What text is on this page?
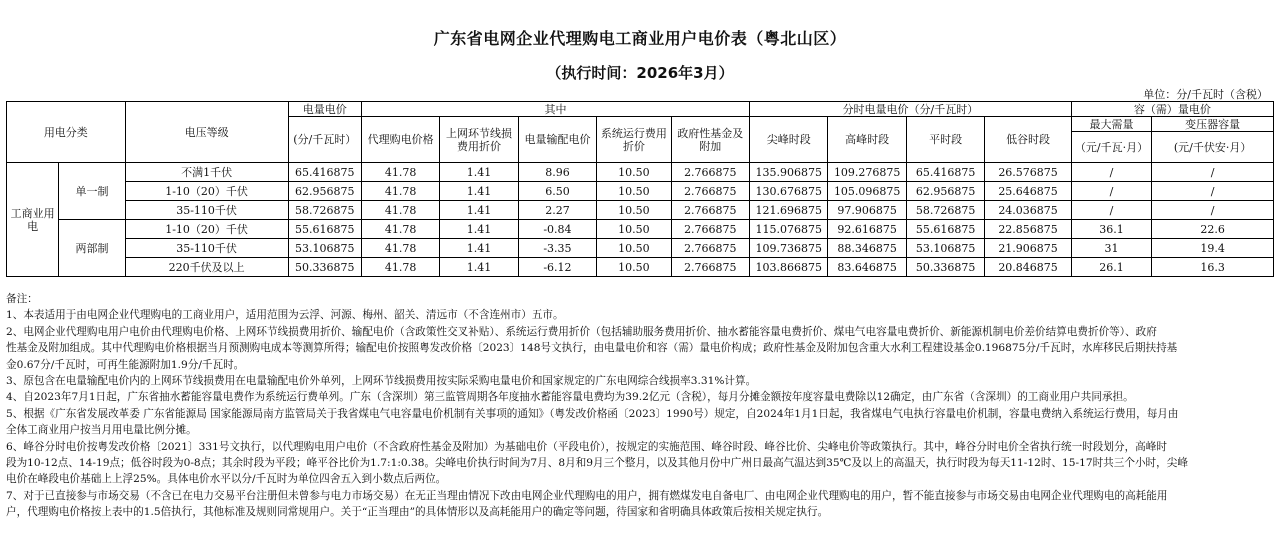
广东省电网企业代理购电工商业用户电价表（粤北山区）
（执行时间：2026年3月）
单位：分/千瓦时（含税）
用电分类		电压等级	电量电价	其中					分时电量电价（分/千瓦时）				容（需）量电价	
			(分/千瓦时）	代理购电价格	上网环节线损费用折价	电量输配电价	系统运行费用折价	政府性基金及附加	尖峰时段	高峰时段	平时段	低谷时段	最大需量	变压器容量
													（元/千瓦·月）	(元/千伏安·月）
工商业用电	单一制	不满1千伏	65.416875	41.78	1.41	8.96	10.50	2.766875	135.906875	109.276875	65.416875	26.576875	/	/
		1-10（20）千伏	62.956875	41.78	1.41	6.50	10.50	2.766875	130.676875	105.096875	62.956875	25.646875	/	/
		35-110千伏	58.726875	41.78	1.41	2.27	10.50	2.766875	121.696875	97.906875	58.726875	24.036875	/	/
	两部制	1-10（20）千伏	55.616875	41.78	1.41	-0.84	10.50	2.766875	115.076875	92.616875	55.616875	22.856875	36.1	22.6
		35-110千伏	53.106875	41.78	1.41	-3.35	10.50	2.766875	109.736875	88.346875	53.106875	21.906875	31	19.4
		220千伏及以上	50.336875	41.78	1.41	-6.12	10.50	2.766875	103.866875	83.646875	50.336875	20.846875	26.1	16.3
备注：
1、本表适用于由电网企业代理购电的工商业用户，适用范围为云浮、河源、梅州、韶关、清远市（不含连州市）五市。
2、电网企业代理购电用户电价由代理购电价格、上网环节线损费用折价、输配电价（含政策性交叉补贴）、系统运行费用折价（包括辅助服务费用折价、抽水蓄能容量电费折价、煤电气电容量电费折价、新能源机制电价差价结算电费折价等）、政府
性基金及附加组成。其中代理购电价格根据当月预测购电成本等测算所得；输配电价按照粤发改价格〔2023〕148号文执行，由电量电价和容（需）量电价构成；政府性基金及附加包含重大水利工程建设基金0.196875分/千瓦时，水库移民后期扶持基
金0.67分/千瓦时，可再生能源附加1.9分/千瓦时。
3、原包含在电量输配电价内的上网环节线损费用在电量输配电价外单列，上网环节线损费用按实际采购电量电价和国家规定的广东电网综合线损率3.31%计算。
4、自2023年7月1日起，广东省抽水蓄能容量电费作为系统运行费单列。广东（含深圳）第三监管周期各年度抽水蓄能容量电费均为39.2亿元（含税），每月分摊金额按年度容量电费除以12确定，由广东省（含深圳）的工商业用户共同承担。
5、根据《广东省发展改革委 广东省能源局 国家能源局南方监管局关于我省煤电气电容量电价机制有关事项的通知》（粤发改价格函〔2023〕1990号）规定，自2024年1月1日起，我省煤电气电执行容量电价机制，容量电费纳入系统运行费用，每月由
全体工商业用户按当月用电量比例分摊。
6、峰谷分时电价按粤发改价格〔2021〕331号文执行，以代理购电用户电价（不含政府性基金及附加）为基础电价（平段电价），按规定的实施范围、峰谷时段、峰谷比价、尖峰电价等政策执行。其中，峰谷分时电价全省执行统一时段划分，高峰时
段为10-12点、14-19点；低谷时段为0-8点；其余时段为平段；峰平谷比价为1.7:1:0.38。尖峰电价执行时间为7月、8月和9月三个整月，以及其他月份中广州日最高气温达到35℃及以上的高温天，执行时段为每天11-12时、15-17时共三个小时，尖峰
电价在峰段电价基础上上浮25%。具体电价水平以分/千瓦时为单位四舍五入到小数点后两位。
7、对于已直接参与市场交易（不含已在电力交易平台注册但未曾参与电力市场交易）在无正当理由情况下改由电网企业代理购电的用户，拥有燃煤发电自备电厂、由电网企业代理购电的用户，暂不能直接参与市场交易由电网企业代理购电的高耗能用
户，代理购电价格按上表中的1.5倍执行，其他标准及规则同常规用户。关于“正当理由”的具体情形以及高耗能用户的确定等问题，待国家和省明确具体政策后按相关规定执行。
